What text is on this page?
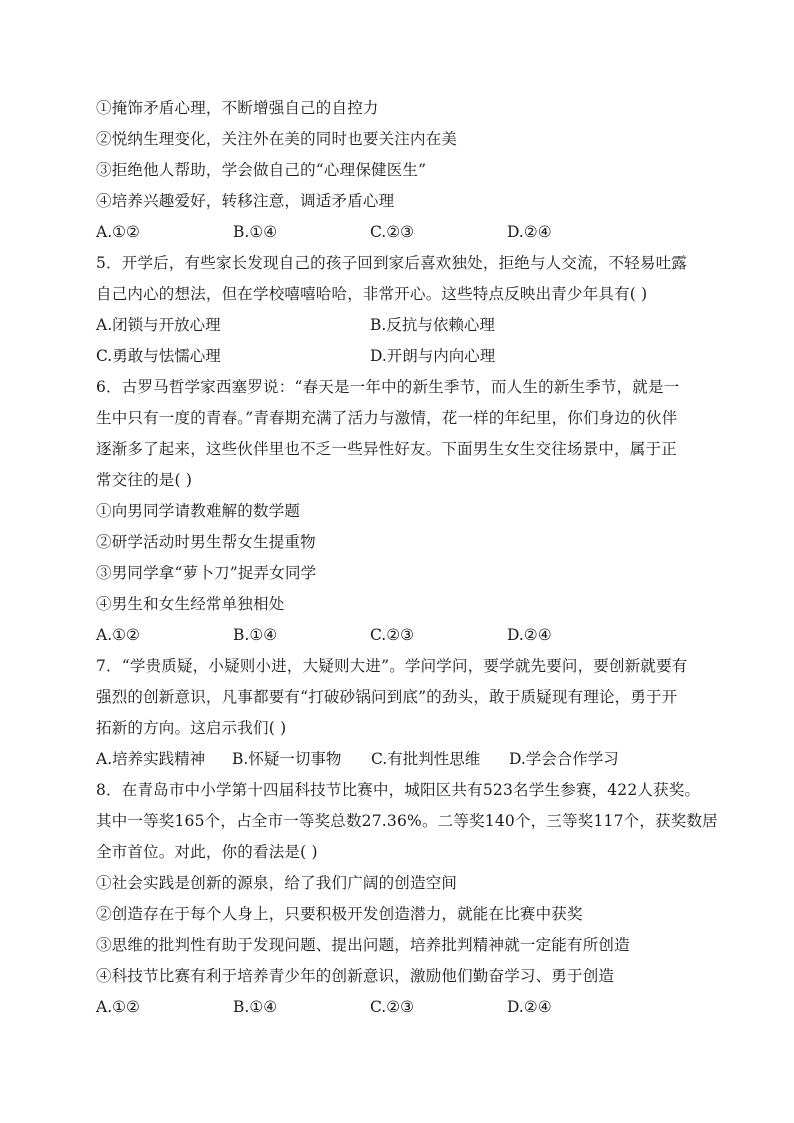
①掩饰矛盾心理，不断增强自己的自控力
②悦纳生理变化，关注外在美的同时也要关注内在美
③拒绝他人帮助，学会做自己的“心理保健医生”
④培养兴趣爱好，转移注意，调适矛盾心理
A.①②	B.①④	C.②③	D.②④
5．开学后，有些家长发现自己的孩子回到家后喜欢独处，拒绝与人交流，不轻易吐露
自己内心的想法，但在学校嘻嘻哈哈，非常开心。这些特点反映出青少年具有( )
A.闭锁与开放心理	B.反抗与依赖心理
C.勇敢与怯懦心理	D.开朗与内向心理
6．古罗马哲学家西塞罗说：“春天是一年中的新生季节，而人生的新生季节，就是一
生中只有一度的青春。”青春期充满了活力与激情，花一样的年纪里，你们身边的伙伴
逐渐多了起来，这些伙伴里也不乏一些异性好友。下面男生女生交往场景中，属于正
常交往的是( )
①向男同学请教难解的数学题
②研学活动时男生帮女生提重物
③男同学拿“萝卜刀”捉弄女同学
④男生和女生经常单独相处
A.①②	B.①④	C.②③	D.②④
7．“学贵质疑，小疑则小进，大疑则大进”。学问学问，要学就先要问，要创新就要有
强烈的创新意识，凡事都要有“打破砂锅问到底”的劲头，敢于质疑现有理论，勇于开
拓新的方向。这启示我们( )
A.培养实践精神	B.怀疑一切事物	C.有批判性思维	D.学会合作学习
8．在青岛市中小学第十四届科技节比赛中，城阳区共有523名学生参赛，422人获奖。
其中一等奖165个，占全市一等奖总数27.36%。二等奖140个，三等奖117个，获奖数居
全市首位。对此，你的看法是( )
①社会实践是创新的源泉，给了我们广阔的创造空间
②创造存在于每个人身上，只要积极开发创造潜力，就能在比赛中获奖
③思维的批判性有助于发现问题、提出问题，培养批判精神就一定能有所创造
④科技节比赛有利于培养青少年的创新意识，激励他们勤奋学习、勇于创造
A.①②	B.①④	C.②③	D.②④
